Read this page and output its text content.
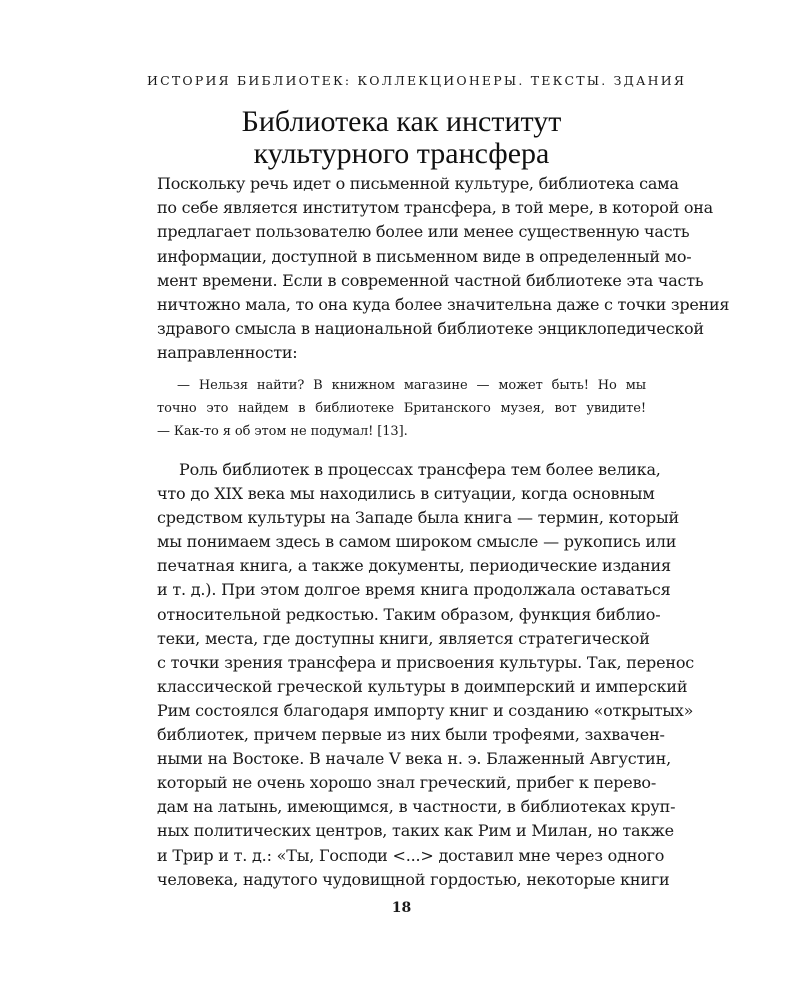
ИСТОРИЯ БИБЛИОТЕК: КОЛЛЕКЦИОНЕРЫ. ТЕКСТЫ. ЗДАНИЯ
Библиотека как институт
культурного трансфера
Поскольку речь идет о письменной культуре, библиотека сама
по себе является институтом трансфера, в той мере, в которой она
предлагает пользователю более или менее существенную часть
информации, доступной в письменном виде в определенный мо-
мент времени. Если в современной частной библиотеке эта часть
ничтожно мала, то она куда более значительна даже с точки зрения
здравого смысла в национальной библиотеке энциклопедической
направленности:
— Нельзя найти? В книжном магазине — может быть! Но мы
точно это найдем в библиотеке Британского музея, вот увидите!
— Как-то я об этом не подумал! [13].
Роль библиотек в процессах трансфера тем более велика,
что до XIX века мы находились в ситуации, когда основным
средством культуры на Западе была книга — термин, который
мы понимаем здесь в самом широком смысле — рукопись или
печатная книга, а также документы, периодические издания
и т. д.). При этом долгое время книга продолжала оставаться
относительной редкостью. Таким образом, функция библио-
теки, места, где доступны книги, является стратегической
с точки зрения трансфера и присвоения культуры. Так, перенос
классической греческой культуры в доимперский и имперский
Рим состоялся благодаря импорту книг и созданию «открытых»
библиотек, причем первые из них были трофеями, захвачен-
ными на Востоке. В начале V века н. э. Блаженный Августин,
который не очень хорошо знал греческий, прибег к перево-
дам на латынь, имеющимся, в частности, в библиотеках круп-
ных политических центров, таких как Рим и Милан, но также
и Трир и т. д.: «Ты, Господи <...> доставил мне через одного
человека, надутого чудовищной гордостью, некоторые книги
18
